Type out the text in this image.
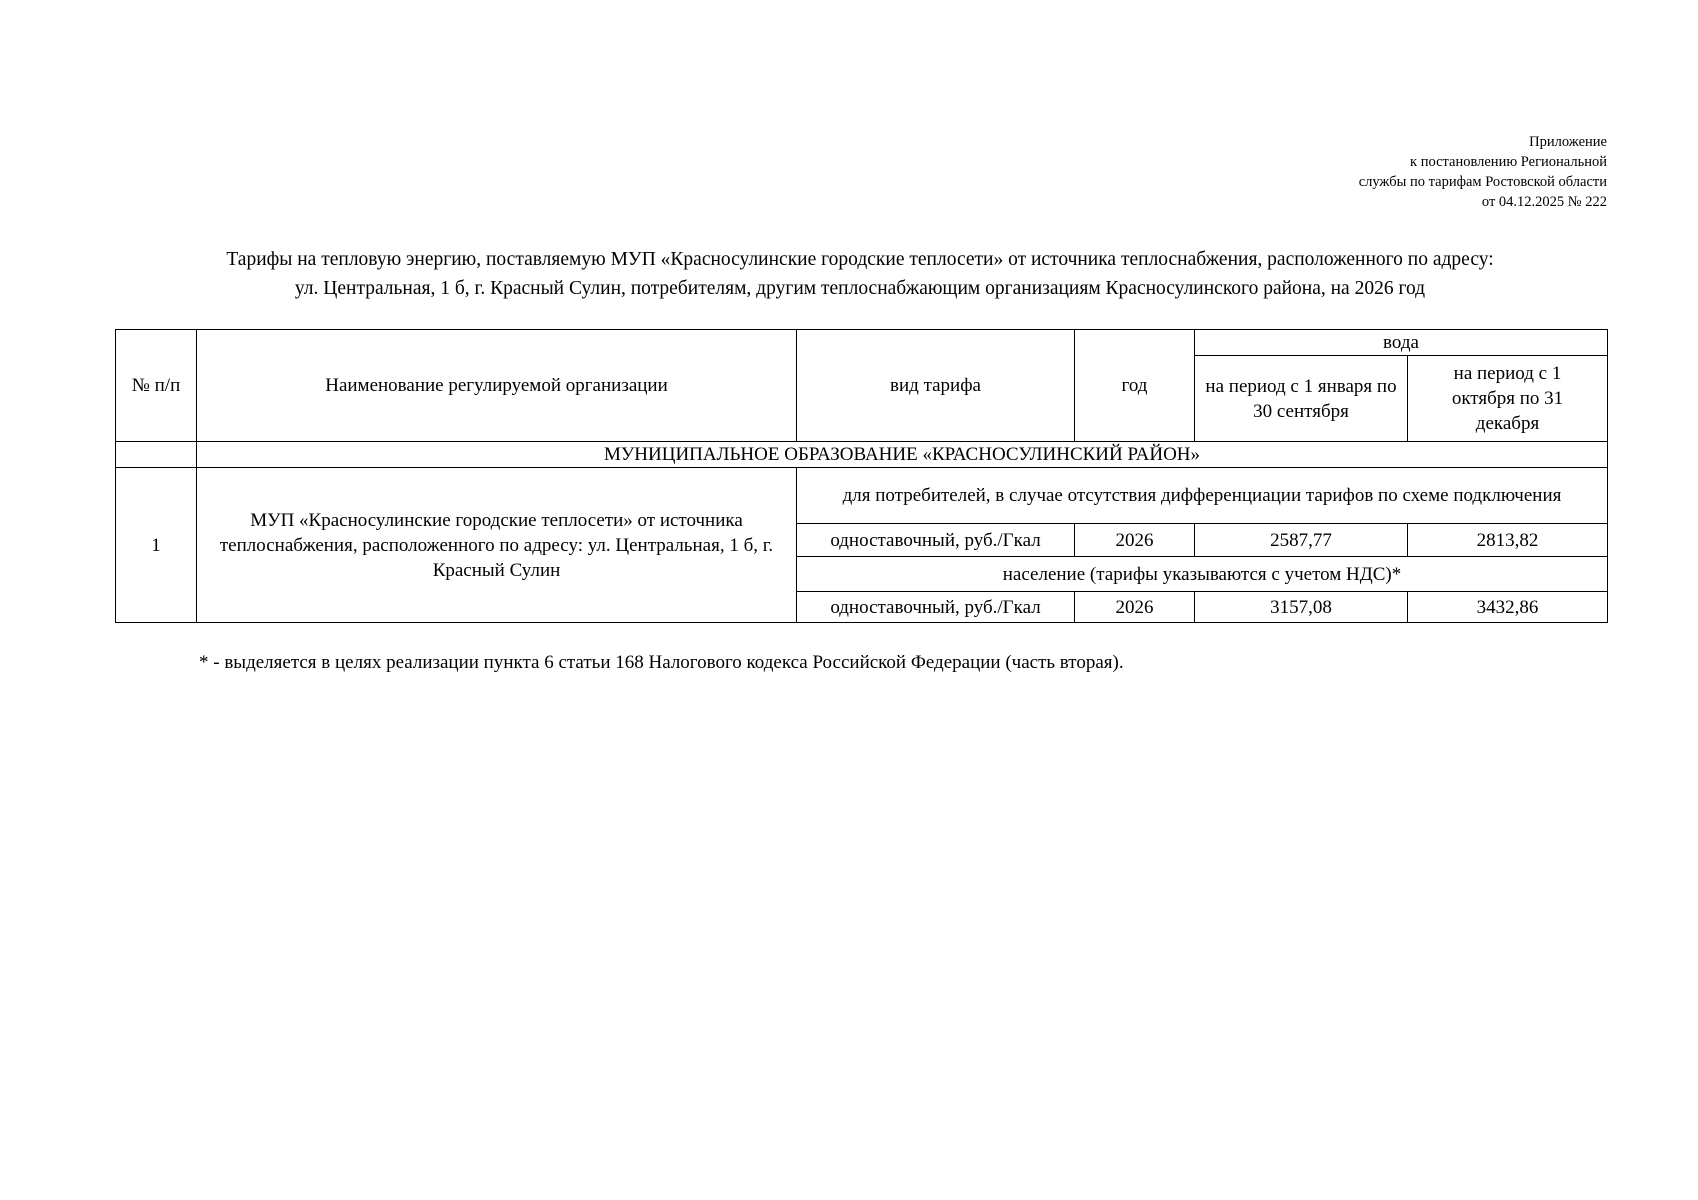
Приложение
к постановлению Региональной
службы по тарифам Ростовской области
от 04.12.2025 № 222
Тарифы на тепловую энергию, поставляемую МУП «Красносулинские городские теплосети» от источника теплоснабжения, расположенного по адресу:
ул. Центральная, 1 б, г. Красный Сулин, потребителям, другим теплоснабжающим организациям Красносулинского района, на 2026 год
№ п/п	Наименование регулируемой организации	вид тарифа	год	вода	
				на период с 1 января по 30 сентября	на период с 1 октября по 31 декабря
	МУНИЦИПАЛЬНОЕ ОБРАЗОВАНИЕ «КРАСНОСУЛИНСКИЙ РАЙОН»				
1	МУП «Красносулинские городские теплосети» от источника теплоснабжения, расположенного по адресу: ул. Центральная, 1 б, г. Красный Сулин	для потребителей, в случае отсутствия дифференциации тарифов по схеме подключения			
		одноставочный, руб./Гкал	2026	2587,77	2813,82
		население (тарифы указываются с учетом НДС)*			
		одноставочный, руб./Гкал	2026	3157,08	3432,86
* - выделяется в целях реализации пункта 6 статьи 168 Налогового кодекса Российской Федерации (часть вторая).
